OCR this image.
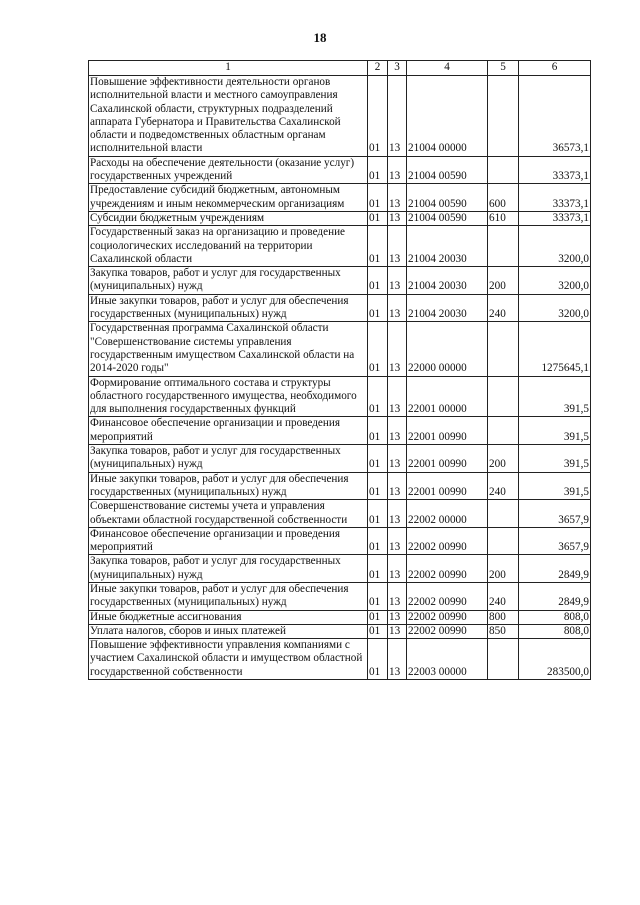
18
1	2	3	4	5	6
Повышение эффективности деятельности органов исполнительной власти и местного самоуправления Сахалинской области, структурных подразделений аппарата Губернатора и Правительства Сахалинской области и подведомственных областным органам исполнительной власти	01	13	21004 00000		36573,1
Расходы на обеспечение деятельности (оказание услуг) государственных учреждений	01	13	21004 00590		33373,1
Предоставление субсидий бюджетным, автономным учреждениям и иным некоммерческим организациям	01	13	21004 00590	600	33373,1
Субсидии бюджетным учреждениям	01	13	21004 00590	610	33373,1
Государственный заказ на организацию и проведение социологических исследований на территории Сахалинской области	01	13	21004 20030		3200,0
Закупка товаров, работ и услуг для государственных (муниципальных) нужд	01	13	21004 20030	200	3200,0
Иные закупки товаров, работ и услуг для обеспечения государственных (муниципальных) нужд	01	13	21004 20030	240	3200,0
Государственная программа Сахалинской области "Совершенствование системы управления государственным имуществом Сахалинской области на 2014-2020 годы"	01	13	22000 00000		1275645,1
Формирование оптимального состава и структуры областного государственного имущества, необходимого для выполнения государственных функций	01	13	22001 00000		391,5
Финансовое обеспечение организации и проведения мероприятий	01	13	22001 00990		391,5
Закупка товаров, работ и услуг для государственных (муниципальных) нужд	01	13	22001 00990	200	391,5
Иные закупки товаров, работ и услуг для обеспечения государственных (муниципальных) нужд	01	13	22001 00990	240	391,5
Совершенствование системы учета и управления объектами областной государственной собственности	01	13	22002 00000		3657,9
Финансовое обеспечение организации и проведения мероприятий	01	13	22002 00990		3657,9
Закупка товаров, работ и услуг для государственных (муниципальных) нужд	01	13	22002 00990	200	2849,9
Иные закупки товаров, работ и услуг для обеспечения государственных (муниципальных) нужд	01	13	22002 00990	240	2849,9
Иные бюджетные ассигнования	01	13	22002 00990	800	808,0
Уплата налогов, сборов и иных платежей	01	13	22002 00990	850	808,0
Повышение эффективности управления компаниями с участием Сахалинской области и имуществом областной государственной собственности	01	13	22003 00000		283500,0
